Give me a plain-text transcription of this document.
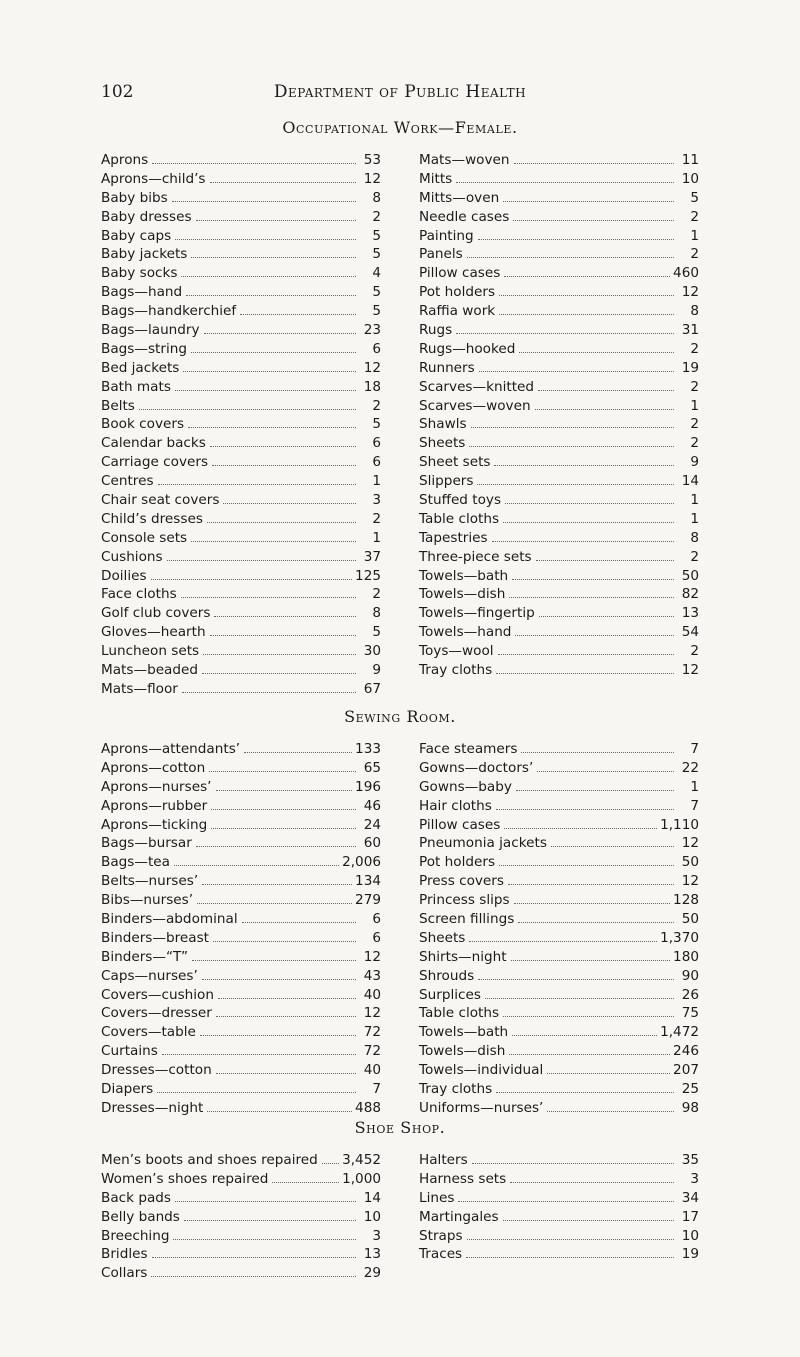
102	Department of Public Health
Occupational Work—Female.
Aprons	53
Aprons—child’s	12
Baby bibs	8
Baby dresses	2
Baby caps	5
Baby jackets	5
Baby socks	4
Bags—hand	5
Bags—handkerchief	5
Bags—laundry	23
Bags—string	6
Bed jackets	12
Bath mats	18
Belts	2
Book covers	5
Calendar backs	6
Carriage covers	6
Centres	1
Chair seat covers	3
Child’s dresses	2
Console sets	1
Cushions	37
Doilies	125
Face cloths	2
Golf club covers	8
Gloves—hearth	5
Luncheon sets	30
Mats—beaded	9
Mats—floor	67
Mats—woven	11
Mitts	10
Mitts—oven	5
Needle cases	2
Painting	1
Panels	2
Pillow cases	460
Pot holders	12
Raffia work	8
Rugs	31
Rugs—hooked	2
Runners	19
Scarves—knitted	2
Scarves—woven	1
Shawls	2
Sheets	2
Sheet sets	9
Slippers	14
Stuffed toys	1
Table cloths	1
Tapestries	8
Three-piece sets	2
Towels—bath	50
Towels—dish	82
Towels—fingertip	13
Towels—hand	54
Toys—wool	2
Tray cloths	12
Sewing Room.
Aprons—attendants’	133
Aprons—cotton	65
Aprons—nurses’	196
Aprons—rubber	46
Aprons—ticking	24
Bags—bursar	60
Bags—tea	2,006
Belts—nurses’	134
Bibs—nurses’	279
Binders—abdominal	6
Binders—breast	6
Binders—“T”	12
Caps—nurses’	43
Covers—cushion	40
Covers—dresser	12
Covers—table	72
Curtains	72
Dresses—cotton	40
Diapers	7
Dresses—night	488
Face steamers	7
Gowns—doctors’	22
Gowns—baby	1
Hair cloths	7
Pillow cases	1,110
Pneumonia jackets	12
Pot holders	50
Press covers	12
Princess slips	128
Screen fillings	50
Sheets	1,370
Shirts—night	180
Shrouds	90
Surplices	26
Table cloths	75
Towels—bath	1,472
Towels—dish	246
Towels—individual	207
Tray cloths	25
Uniforms—nurses’	98
Shoe Shop.
Men’s boots and shoes repaired 3,452
Women’s shoes repaired	1,000
Back pads	14
Belly bands	10
Breeching	3
Bridles	13
Collars	29
Halters	35
Harness sets	3
Lines	34
Martingales	17
Straps	10
Traces	19
